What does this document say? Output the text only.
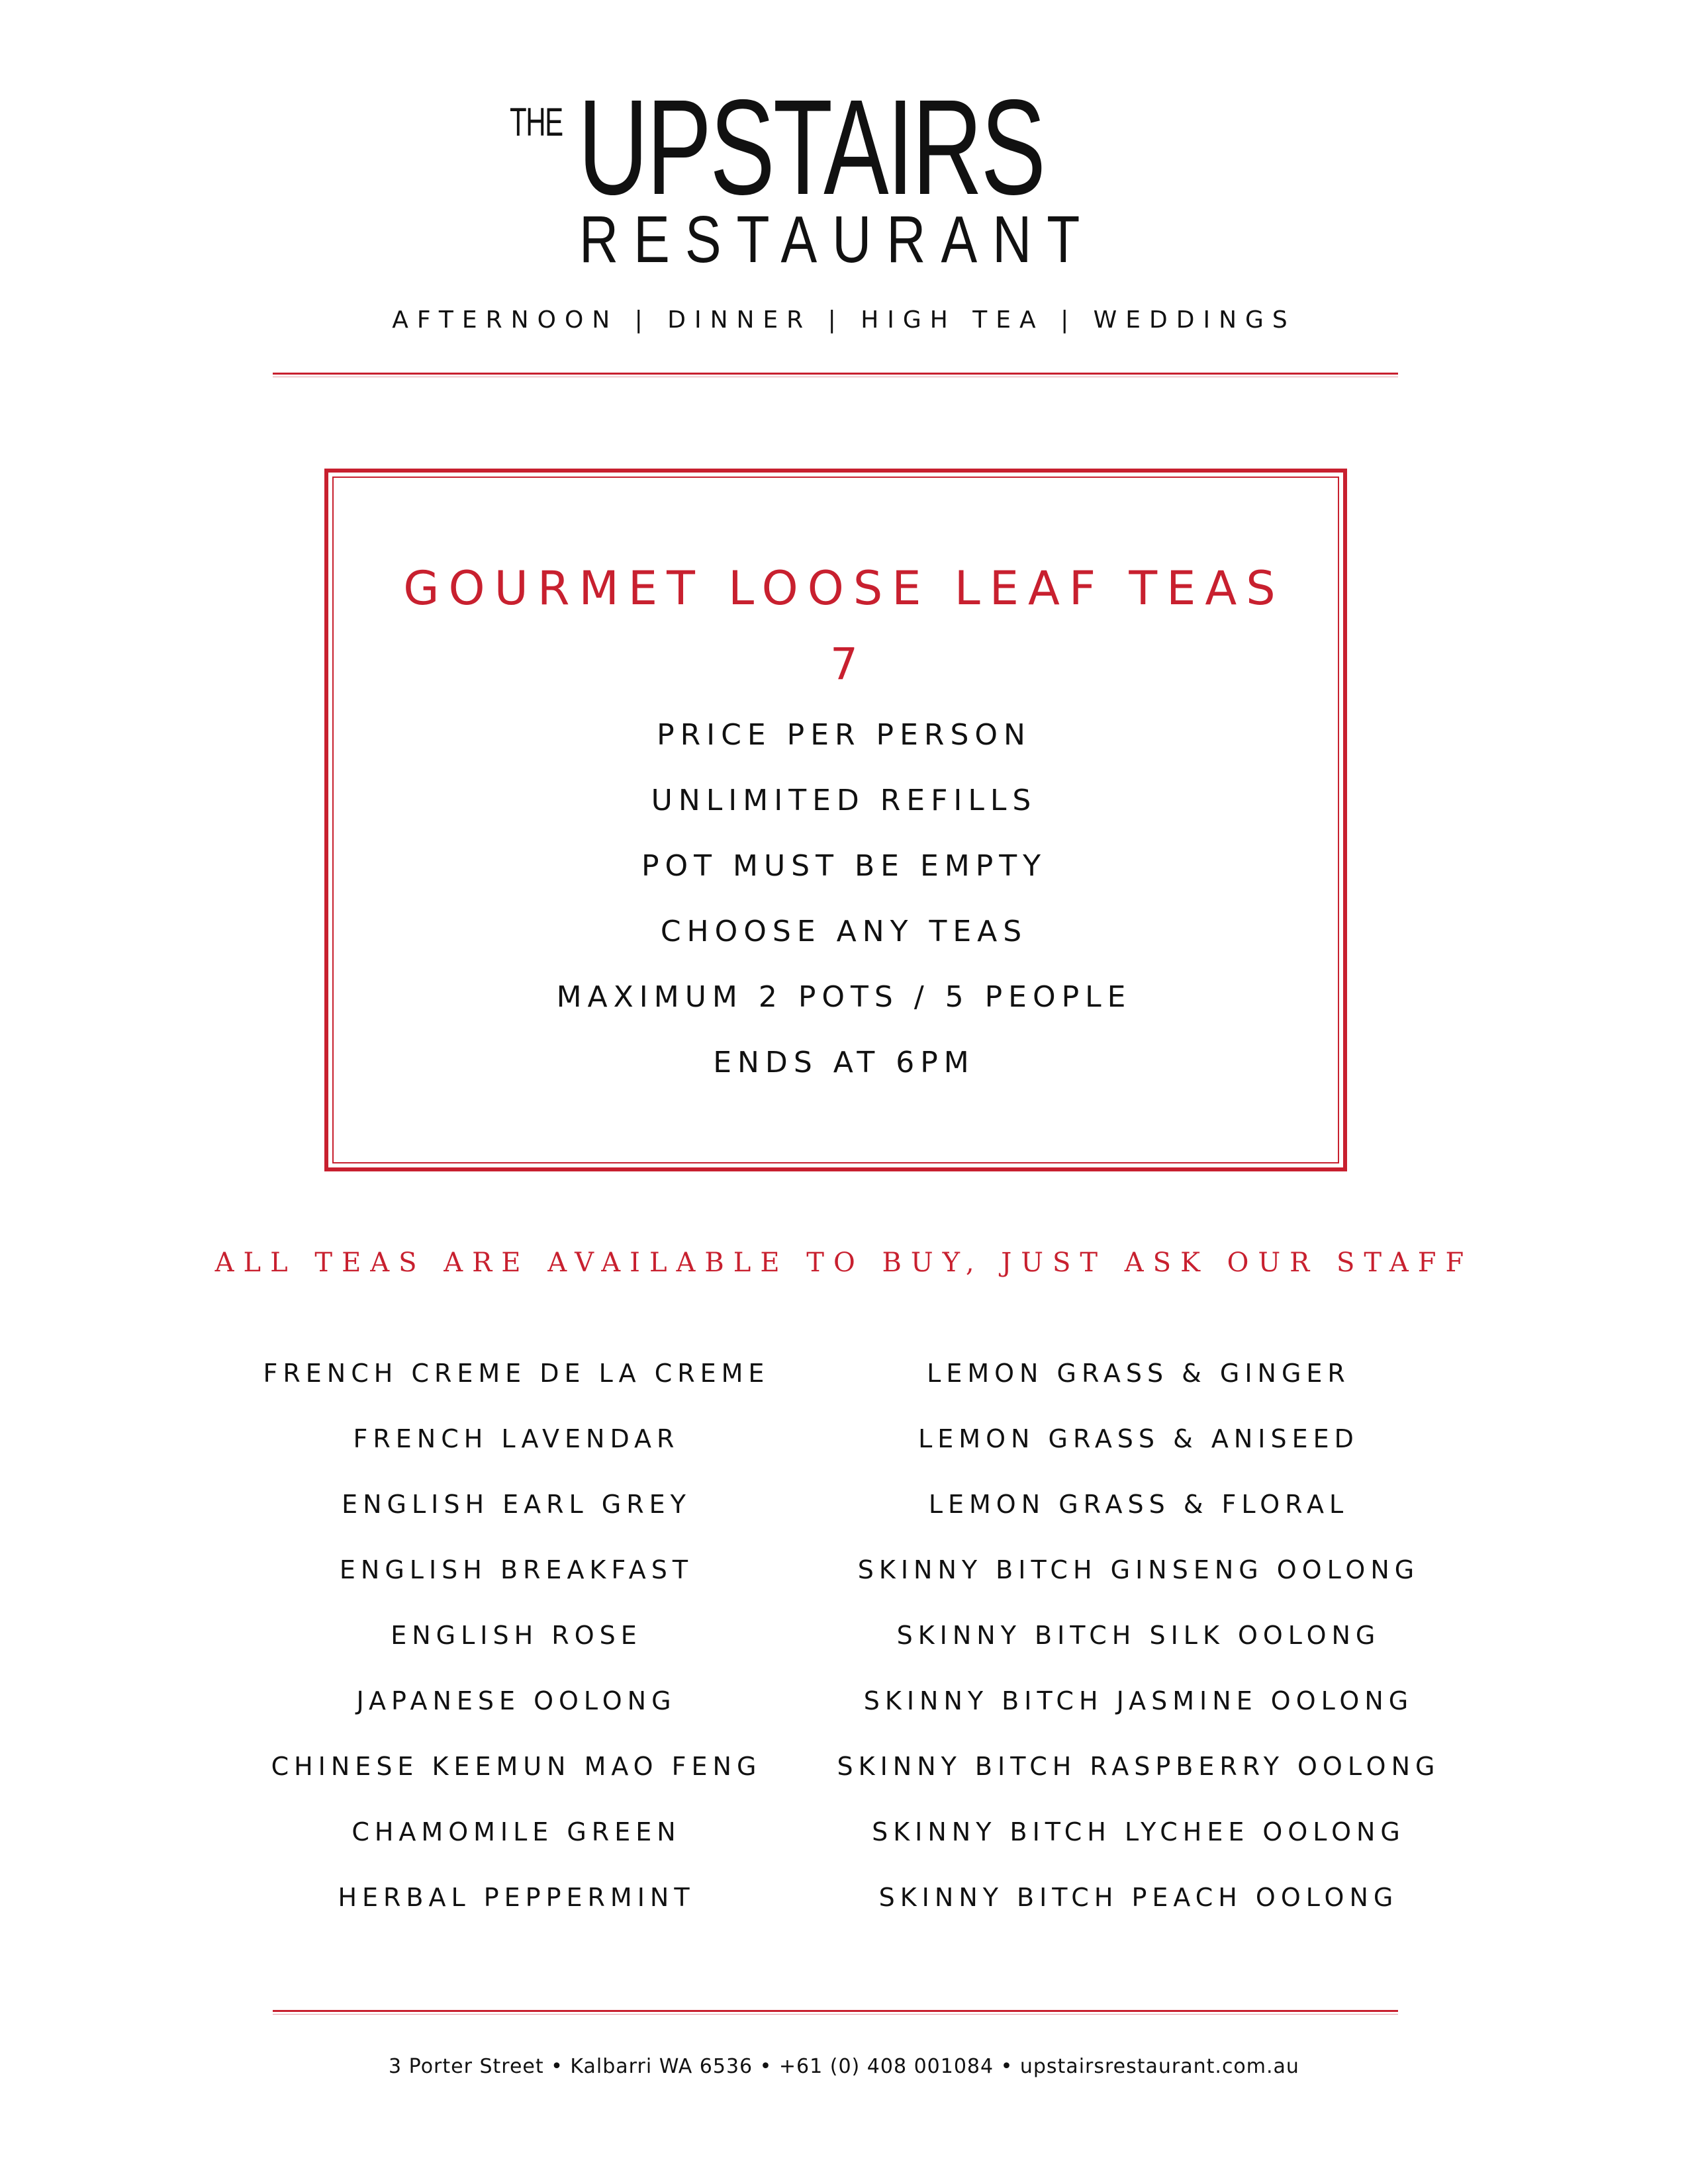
THE UPSTAIRS
RESTAURANT
AFTERNOON | DINNER | HIGH TEA | WEDDINGS
GOURMET LOOSE LEAF TEAS
7
ALL TEAS ARE AVAILABLE TO BUY, JUST ASK OUR STAFF
3 Porter Street • Kalbarri WA 6536 • +61 (0) 408 001084 • upstairsrestaurant.com.au
PRICE PER PERSON
UNLIMITED REFILLS
POT MUST BE EMPTY
CHOOSE ANY TEAS
MAXIMUM 2 POTS / 5 PEOPLE
ENDS AT 6PM
FRENCH CREME DE LA CREME
FRENCH LAVENDAR
ENGLISH EARL GREY
ENGLISH BREAKFAST
ENGLISH ROSE
JAPANESE OOLONG
CHINESE KEEMUN MAO FENG
CHAMOMILE GREEN
HERBAL PEPPERMINT
LEMON GRASS & GINGER
LEMON GRASS & ANISEED
LEMON GRASS & FLORAL
SKINNY BITCH GINSENG OOLONG
SKINNY BITCH SILK OOLONG
SKINNY BITCH JASMINE OOLONG
SKINNY BITCH RASPBERRY OOLONG
SKINNY BITCH LYCHEE OOLONG
SKINNY BITCH PEACH OOLONG
